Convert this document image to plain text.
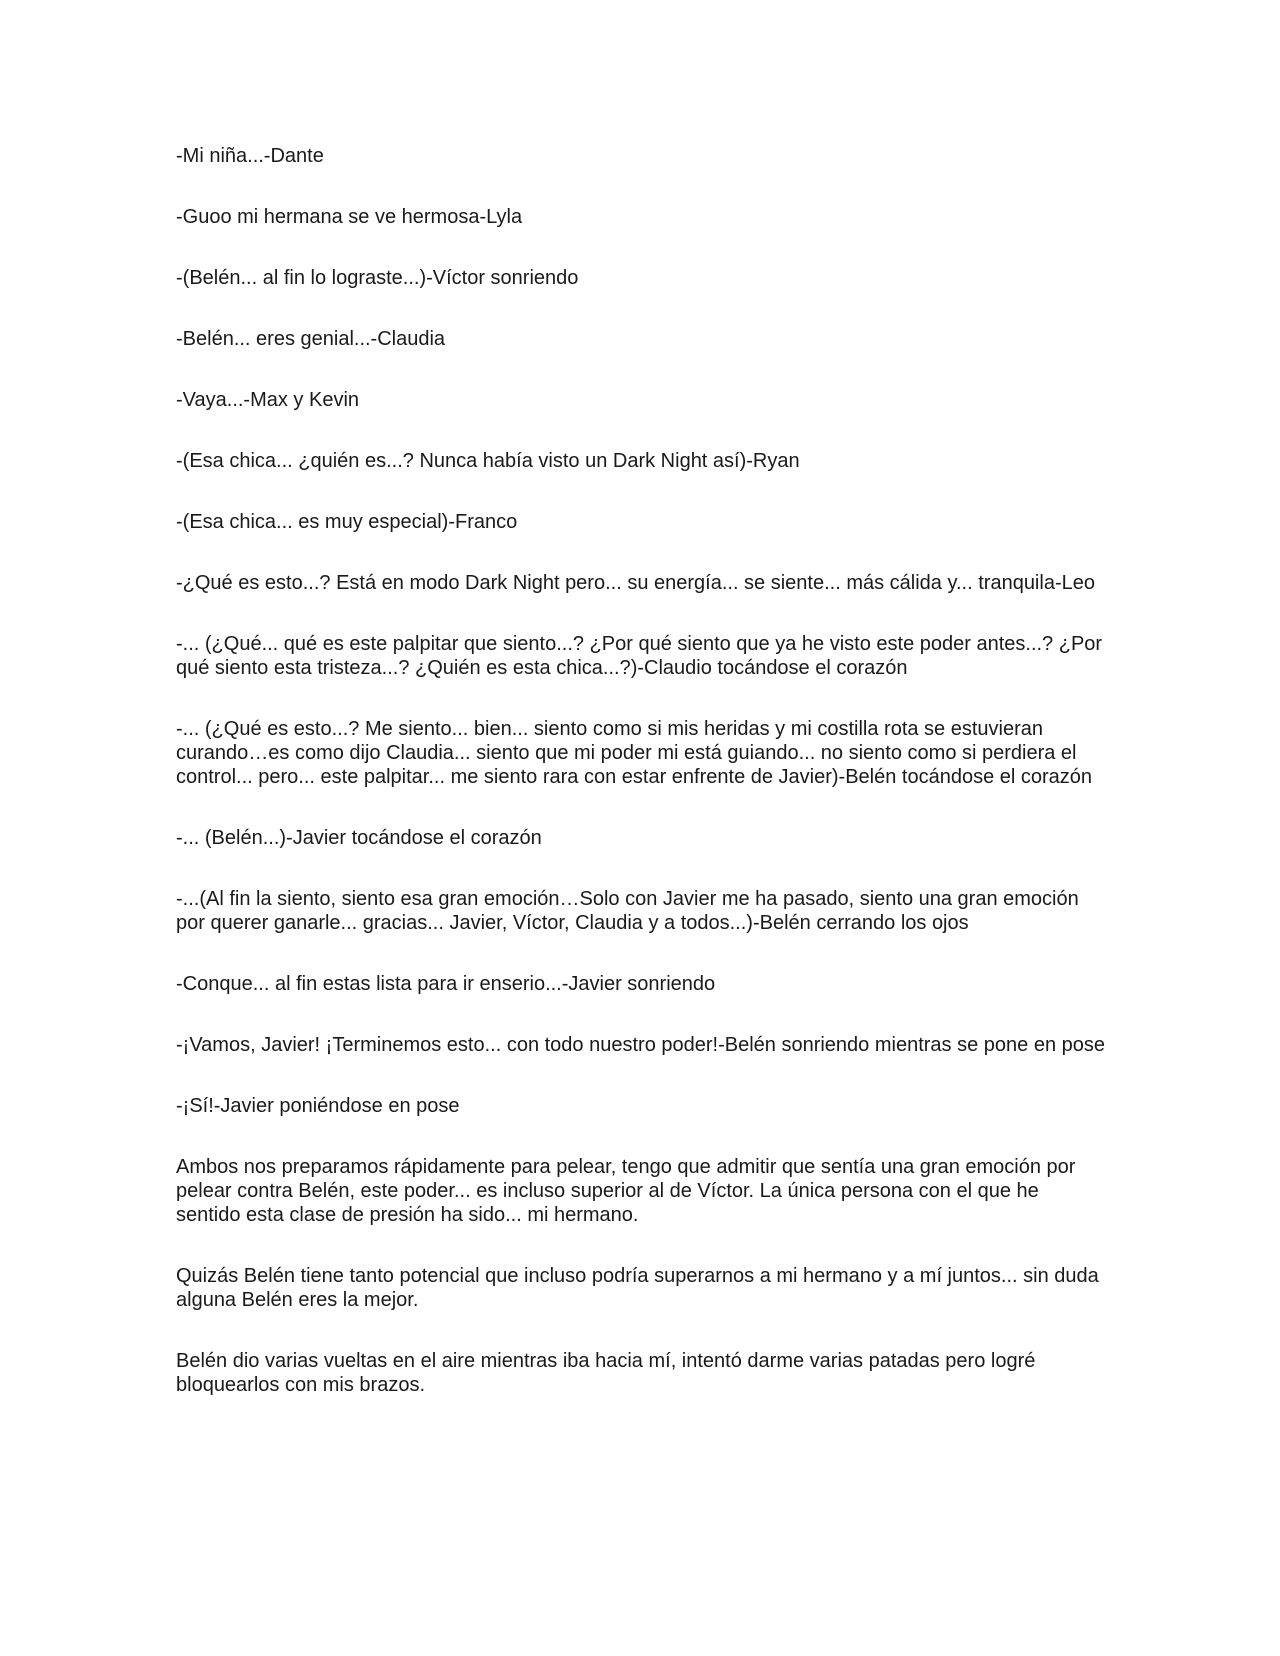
-Mi niña...-Dante

-Guoo mi hermana se ve hermosa-Lyla

-(Belén... al fin lo lograste...)-Víctor sonriendo

-Belén... eres genial...-Claudia

-Vaya...-Max y Kevin

-(Esa chica... ¿quién es...? Nunca había visto un Dark Night así)-Ryan

-(Esa chica... es muy especial)-Franco

-¿Qué es esto...? Está en modo Dark Night pero... su energía... se siente... más cálida y... tranquila-Leo

-... (¿Qué... qué es este palpitar que siento...? ¿Por qué siento que ya he visto este poder antes...? ¿Por qué siento esta tristeza...? ¿Quién es esta chica...?)-Claudio tocándose el corazón

-... (¿Qué es esto...? Me siento... bien... siento como si mis heridas y mi costilla rota se estuvieran curando…es como dijo Claudia... siento que mi poder mi está guiando... no siento como si perdiera el control... pero... este palpitar... me siento rara con estar enfrente de Javier)-Belén tocándose el corazón

-... (Belén...)-Javier tocándose el corazón

-...(Al fin la siento, siento esa gran emoción…Solo con Javier me ha pasado, siento una gran emoción por querer ganarle... gracias... Javier, Víctor, Claudia y a todos...)-Belén cerrando los ojos

-Conque... al fin estas lista para ir enserio...-Javier sonriendo

-¡Vamos, Javier! ¡Terminemos esto... con todo nuestro poder!-Belén sonriendo mientras se pone en pose

-¡Sí!-Javier poniéndose en pose

Ambos nos preparamos rápidamente para pelear, tengo que admitir que sentía una gran emoción por pelear contra Belén, este poder... es incluso superior al de Víctor. La única persona con el que he sentido esta clase de presión ha sido... mi hermano.

Quizás Belén tiene tanto potencial que incluso podría superarnos a mi hermano y a mí juntos... sin duda alguna Belén eres la mejor.

Belén dio varias vueltas en el aire mientras iba hacia mí, intentó darme varias patadas pero logré bloquearlos con mis brazos.
